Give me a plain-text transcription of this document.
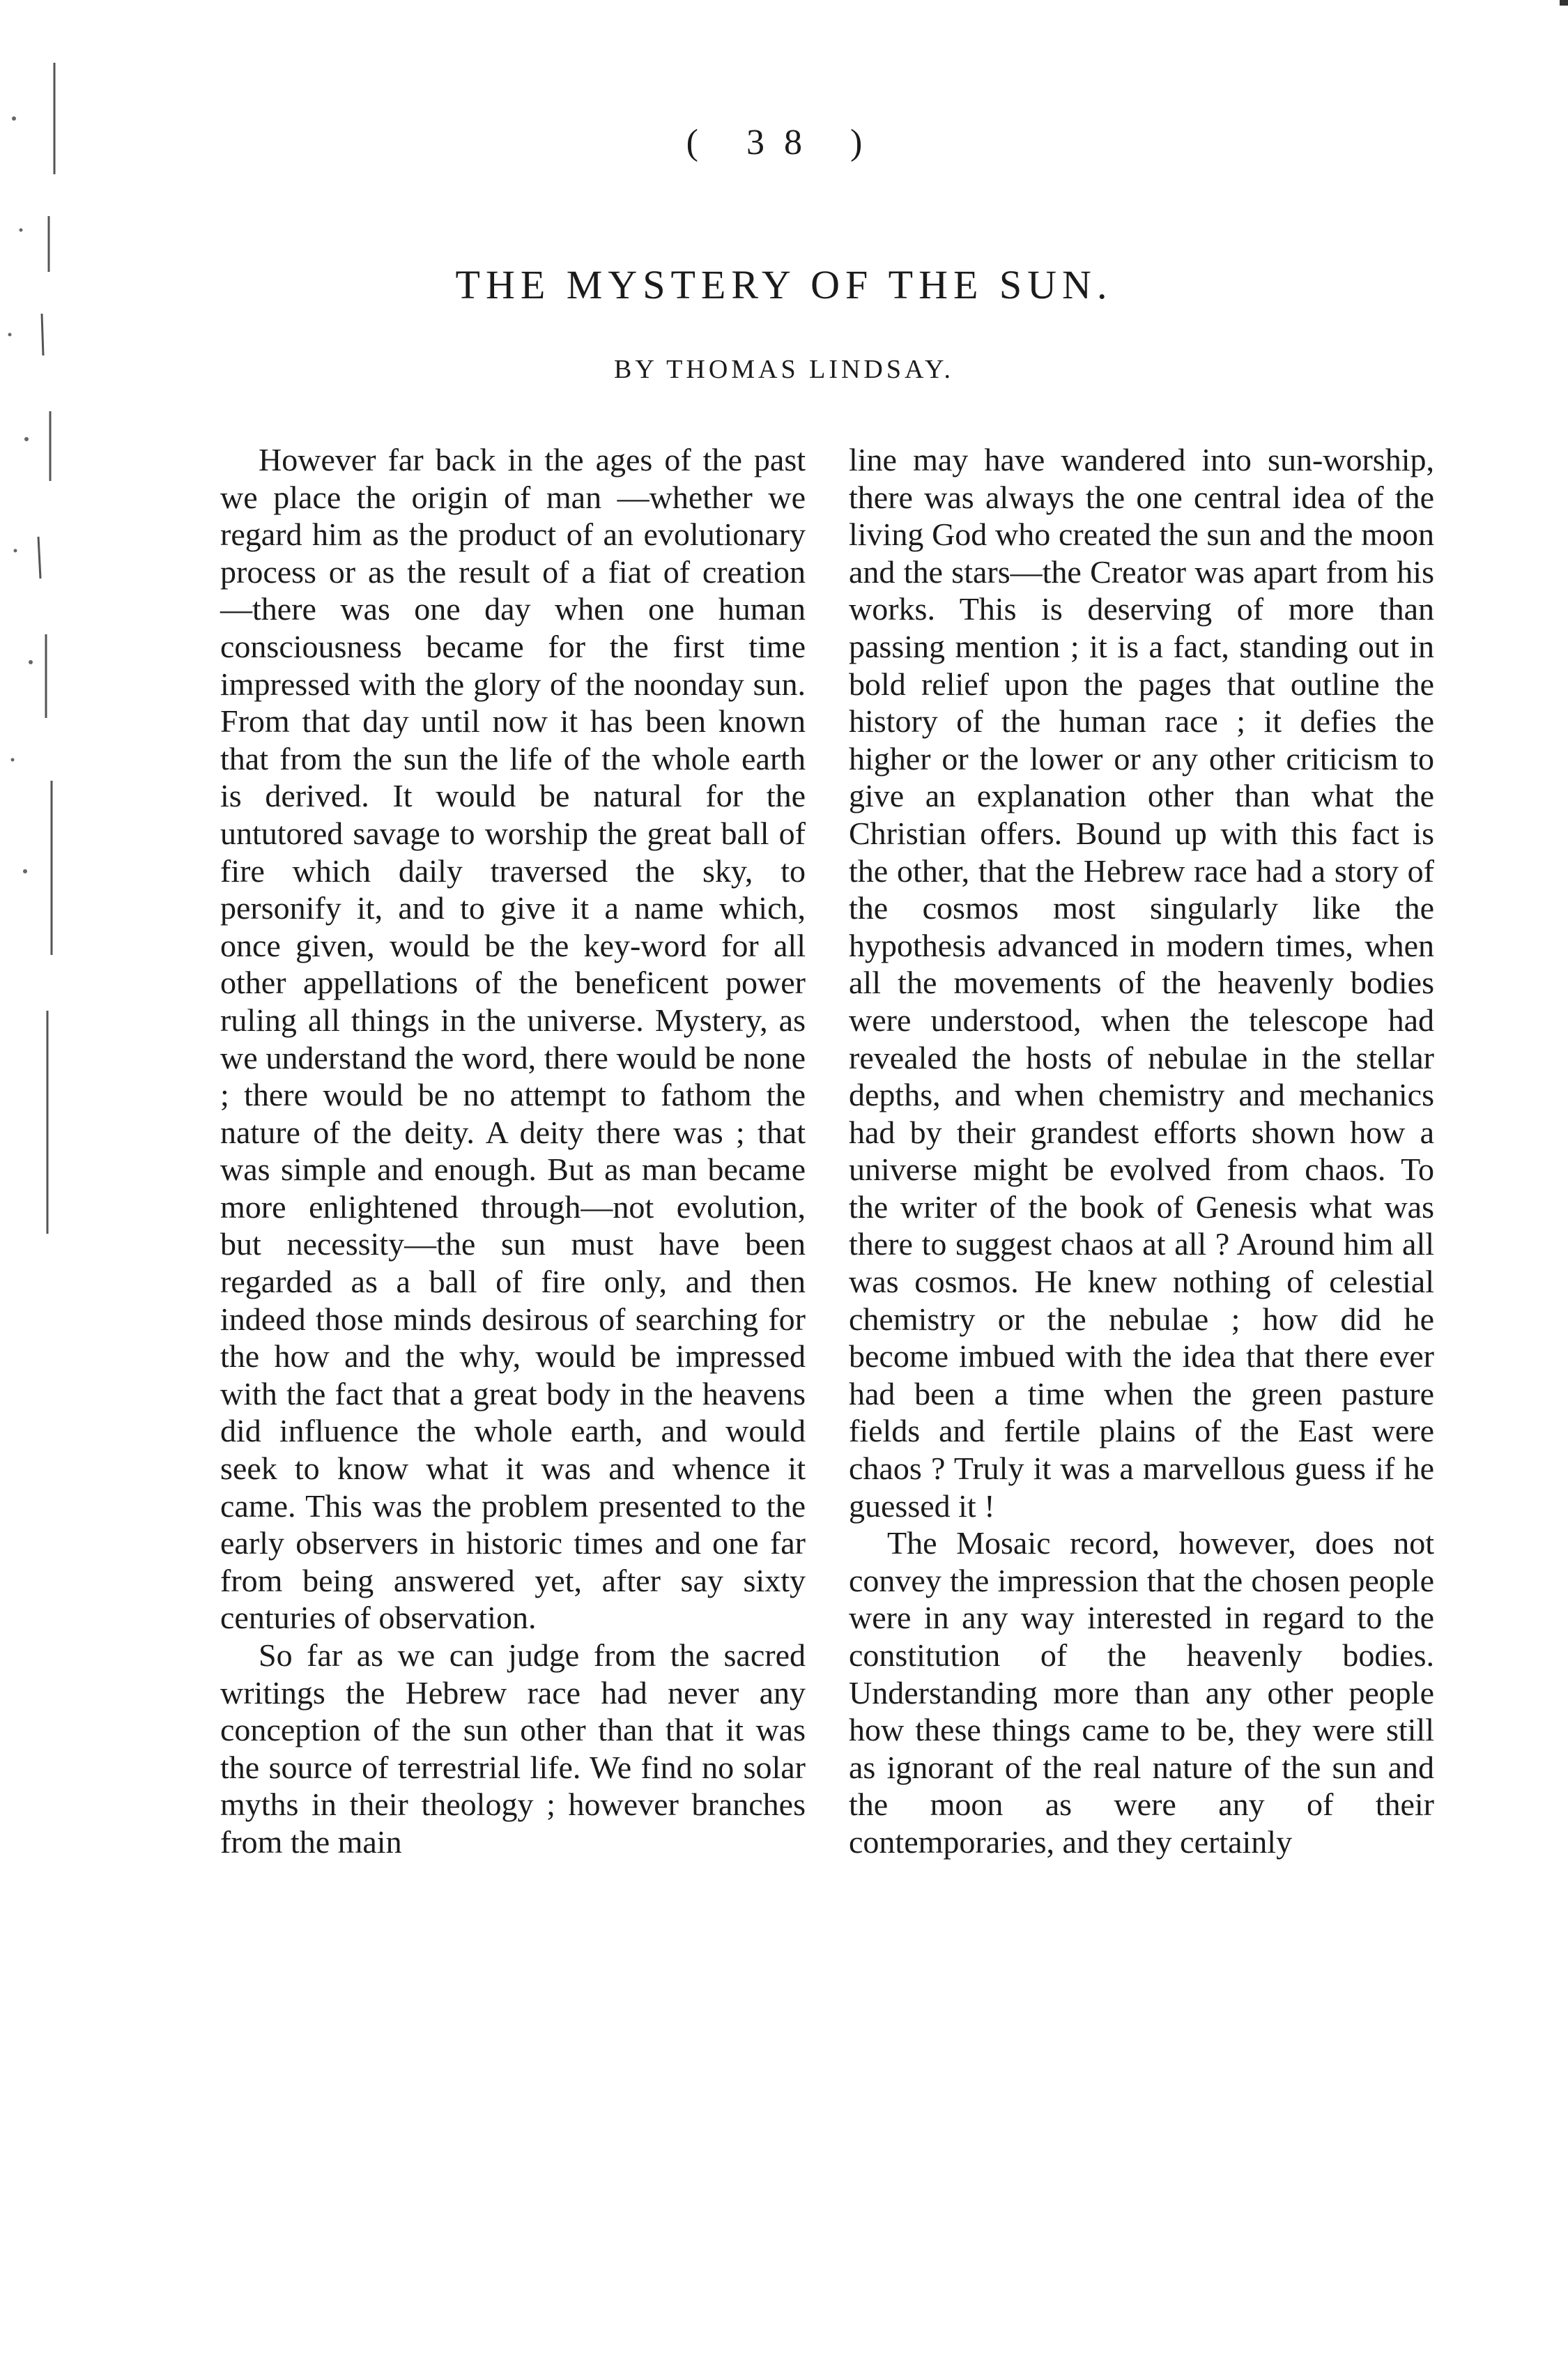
( 38 )
THE MYSTERY OF THE SUN.
BY THOMAS LINDSAY.

However far back in the ages of the past we place the origin of man —whether we regard him as the product of an evolutionary process or as the result of a fiat of creation —there was one day when one human consciousness became for the first time impressed with the glory of the noonday sun. From that day until now it has been known that from the sun the life of the whole earth is derived. It would be natural for the untutored savage to worship the great ball of fire which daily traversed the sky, to personify it, and to give it a name which, once given, would be the key-word for all other appellations of the beneficent power ruling all things in the universe. Mystery, as we understand the word, there would be none ; there would be no attempt to fathom the nature of the deity. A deity there was ; that was simple and enough. But as man became more enlightened through—not evolution, but necessity—the sun must have been regarded as a ball of fire only, and then indeed those minds desirous of searching for the how and the why, would be impressed with the fact that a great body in the heavens did influence the whole earth, and would seek to know what it was and whence it came. This was the problem presented to the early observers in historic times and one far from being answered yet, after say sixty centuries of observation.

So far as we can judge from the sacred writings the Hebrew race had never any conception of the sun other than that it was the source of terrestrial life. We find no solar myths in their theology ; however branches from the main

line may have wandered into sun-worship, there was always the one central idea of the living God who created the sun and the moon and the stars—the Creator was apart from his works. This is deserving of more than passing mention ; it is a fact, standing out in bold relief upon the pages that outline the history of the human race ; it defies the higher or the lower or any other criticism to give an explanation other than what the Christian offers. Bound up with this fact is the other, that the Hebrew race had a story of the cosmos most singularly like the hypothesis advanced in modern times, when all the movements of the heavenly bodies were understood, when the telescope had revealed the hosts of nebulae in the stellar depths, and when chemistry and mechanics had by their grandest efforts shown how a universe might be evolved from chaos. To the writer of the book of Genesis what was there to suggest chaos at all ? Around him all was cosmos. He knew nothing of celestial chemistry or the nebulae ; how did he become imbued with the idea that there ever had been a time when the green pasture fields and fertile plains of the East were chaos ? Truly it was a marvellous guess if he guessed it !

The Mosaic record, however, does not convey the impression that the chosen people were in any way interested in regard to the constitution of the heavenly bodies. Understanding more than any other people how these things came to be, they were still as ignorant of the real nature of the sun and the moon as were any of their contemporaries, and they certainly
